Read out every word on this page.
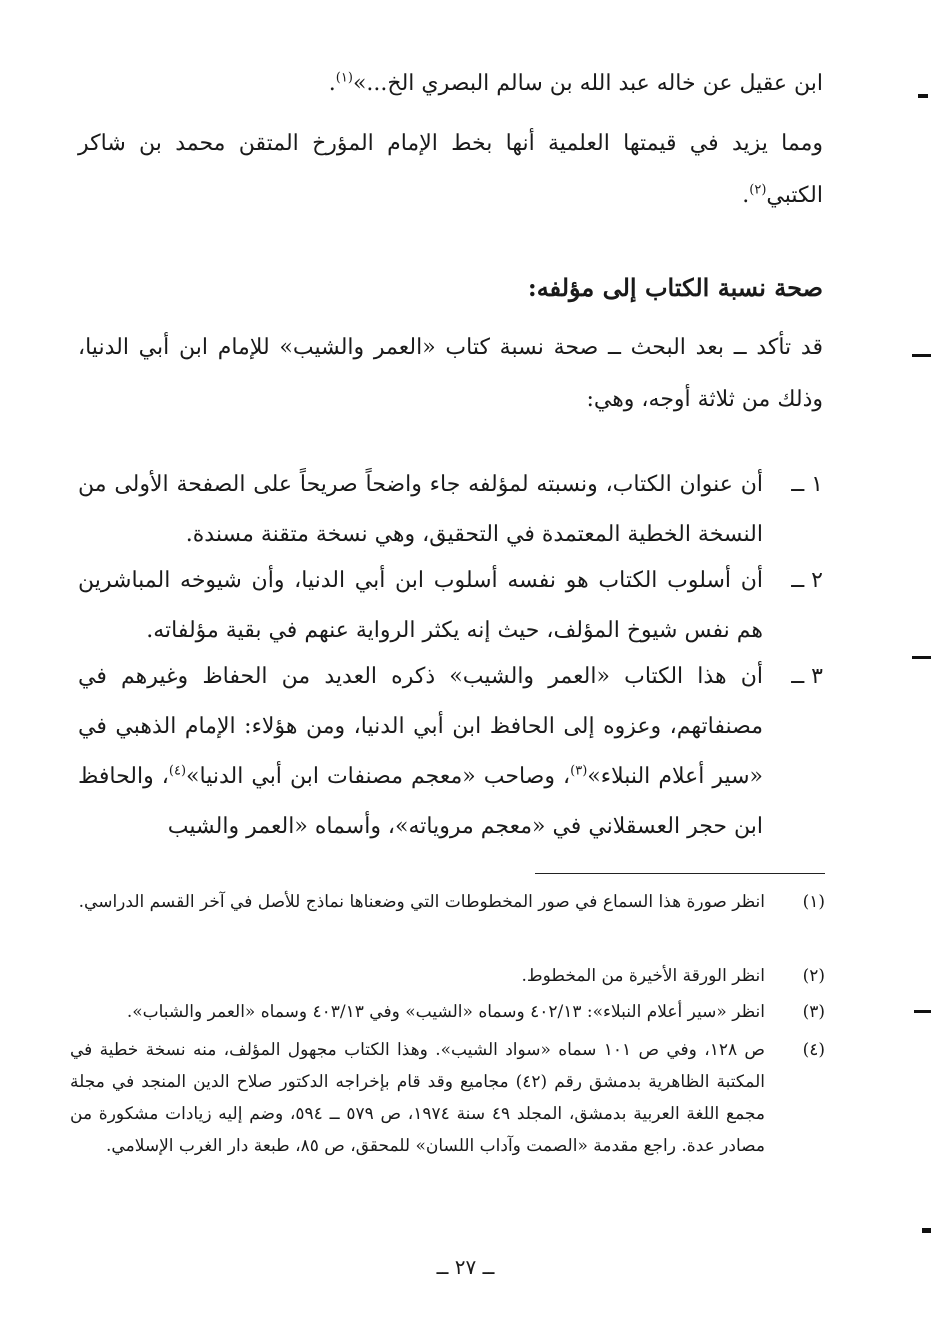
ابن عقيل عن خاله عبد الله بن سالم البصري الخ...»$^{(١)}$.
ومما يزيد في قيمتها العلمية أنها بخط الإمام المؤرخ المتقن محمد بن شاكر الكتبي$^{(٢)}$.
صحة نسبة الكتاب إلى مؤلفه:
قد تأكد ــ بعد البحث ــ صحة نسبة كتاب «العمر والشيب» للإمام ابن أبي الدنيا، وذلك من ثلاثة أوجه، وهي:
١ ــ
أن عنوان الكتاب، ونسبته لمؤلفه جاء واضحاً صريحاً على الصفحة الأولى من النسخة الخطية المعتمدة في التحقيق، وهي نسخة متقنة مسندة.
٢ ــ
أن أسلوب الكتاب هو نفسه أسلوب ابن أبي الدنيا، وأن شيوخه المباشرين هم نفس شيوخ المؤلف، حيث إنه يكثر الرواية عنهم في بقية مؤلفاته.
٣ ــ
أن هذا الكتاب «العمر والشيب» ذكره العديد من الحفاظ وغيرهم في مصنفاتهم، وعزوه إلى الحافظ ابن أبي الدنيا، ومن هؤلاء: الإمام الذهبي في «سير أعلام النبلاء»$^{(٣)}$، وصاحب «معجم مصنفات ابن أبي الدنيا»$^{(٤)}$، والحافظ ابن حجر العسقلاني في «معجم مروياته»، وأسماه «العمر والشيب
(١)
انظر صورة هذا السماع في صور المخطوطات التي وضعناها نماذج للأصل في آخر القسم الدراسي.
(٢)
انظر الورقة الأخيرة من المخطوط.
(٣)
انظر «سير أعلام النبلاء»: ٤٠٢/١٣ وسماه «الشيب» وفي ٤٠٣/١٣ وسماه «العمر والشباب».
(٤)
ص ١٢٨، وفي ص ١٠١ سماه «سواد الشيب». وهذا الكتاب مجهول المؤلف، منه نسخة خطية في المكتبة الظاهرية بدمشق رقم (٤٢) مجاميع وقد قام بإخراجه الدكتور صلاح الدين المنجد في مجلة مجمع اللغة العربية بدمشق، المجلد ٤٩ سنة ١٩٧٤، ص ٥٧٩ ــ ٥٩٤، وضم إليه زيادات مشكورة من مصادر عدة. راجع مقدمة «الصمت وآداب اللسان» للمحقق، ص ٨٥، طبعة دار الغرب الإسلامي.
ــ ٢٧ ــ
